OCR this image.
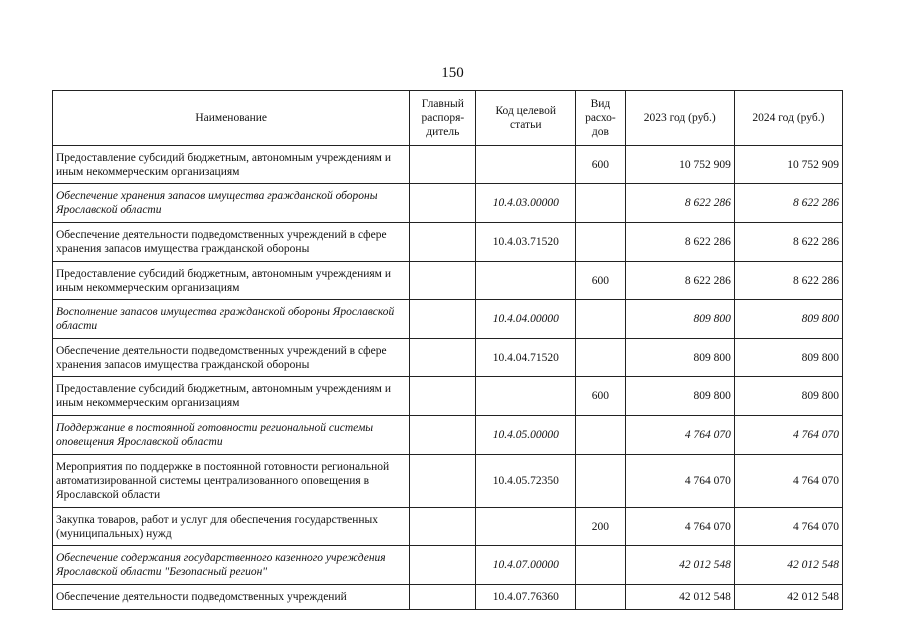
150
Наименование	Главный распоря-дитель	Код целевой статьи	Вид расхо-дов	2023 год (руб.)	2024 год (руб.)
Предоставление субсидий бюджетным, автономным учреждениям и иным некоммерческим организациям			600	10 752 909	10 752 909
Обеспечение хранения запасов имущества гражданской обороны Ярославской области		10.4.03.00000		8 622 286	8 622 286
Обеспечение деятельности подведомственных учреждений в сфере хранения запасов имущества гражданской обороны		10.4.03.71520		8 622 286	8 622 286
Предоставление субсидий бюджетным, автономным учреждениям и иным некоммерческим организациям			600	8 622 286	8 622 286
Восполнение запасов имущества гражданской обороны Ярославской области		10.4.04.00000		809 800	809 800
Обеспечение деятельности подведомственных учреждений в сфере хранения запасов имущества гражданской обороны		10.4.04.71520		809 800	809 800
Предоставление субсидий бюджетным, автономным учреждениям и иным некоммерческим организациям			600	809 800	809 800
Поддержание в постоянной готовности региональной системы оповещения Ярославской области		10.4.05.00000		4 764 070	4 764 070
Мероприятия по поддержке в постоянной готовности региональной автоматизированной системы централизованного оповещения в Ярославской области		10.4.05.72350		4 764 070	4 764 070
Закупка товаров, работ и услуг для обеспечения государственных (муниципальных) нужд			200	4 764 070	4 764 070
Обеспечение содержания государственного казенного учреждения Ярославской области "Безопасный регион"		10.4.07.00000		42 012 548	42 012 548
Обеспечение деятельности подведомственных учреждений		10.4.07.76360		42 012 548	42 012 548
